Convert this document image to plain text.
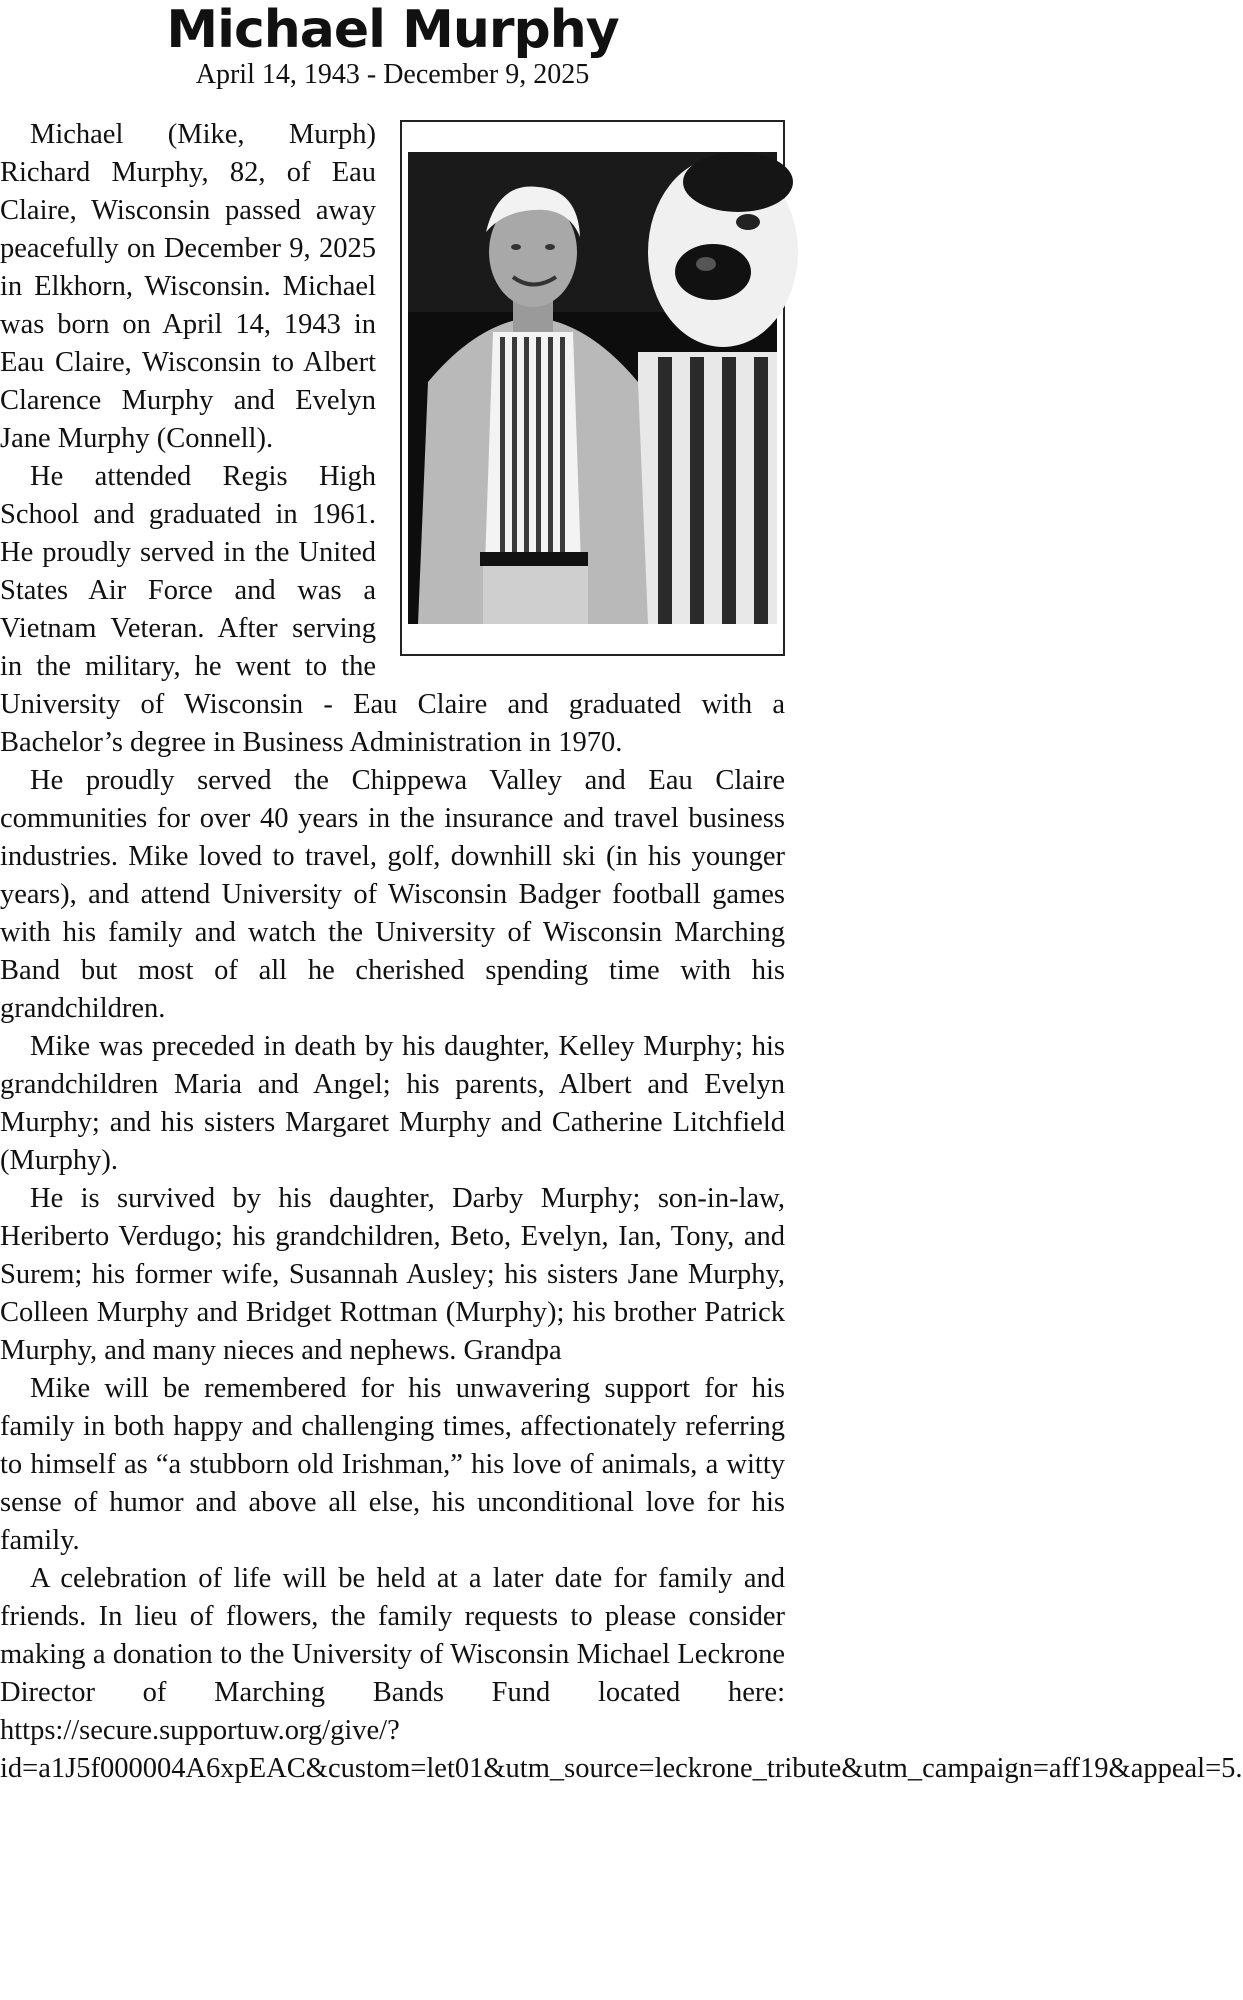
Michael Murphy
April 14, 1943 - December 9, 2025

Michael (Mike, Murph) Richard Murphy, 82, of Eau Claire, Wisconsin passed away peacefully on December 9, 2025 in Elkhorn, Wisconsin. Michael was born on April 14, 1943 in Eau Claire, Wisconsin to Albert Clarence Murphy and Evelyn Jane Murphy (Connell).

He attended Regis High School and graduated in 1961. He proudly served in the United States Air Force and was a Vietnam Veteran. After serving in the military, he went to the University of Wisconsin - Eau Claire and graduated with a Bachelor’s degree in Business Administration in 1970.

He proudly served the Chippewa Valley and Eau Claire communities for over 40 years in the insurance and travel business industries. Mike loved to travel, golf, downhill ski (in his younger years), and attend University of Wisconsin Badger football games with his family and watch the University of Wisconsin Marching Band but most of all he cherished spending time with his grandchildren.

Mike was preceded in death by his daughter, Kelley Murphy; his grandchildren Maria and Angel; his parents, Albert and Evelyn Murphy; and his sisters Margaret Murphy and Catherine Litchfield (Murphy).

He is survived by his daughter, Darby Murphy; son-in-law, Heriberto Verdugo; his grandchildren, Beto, Evelyn, Ian, Tony, and Surem; his former wife, Susannah Ausley; his sisters Jane Murphy, Colleen Murphy and Bridget Rottman (Murphy); his brother Patrick Murphy, and many nieces and nephews. Grandpa

Mike will be remembered for his unwavering support for his family in both happy and challenging times, affectionately referring to himself as “a stubborn old Irishman,” his love of animals, a witty sense of humor and above all else, his unconditional love for his family.

A celebration of life will be held at a later date for family and friends. In lieu of flowers, the family requests to please consider making a donation to the University of Wisconsin Michael Leckrone Director of Marching Bands Fund located here: https://secure.supportuw.org/give/?id=a1J5f000004A6xpEAC&custom=let01&utm_source=leckrone_tribute&utm_campaign=aff19&appeal=5.
